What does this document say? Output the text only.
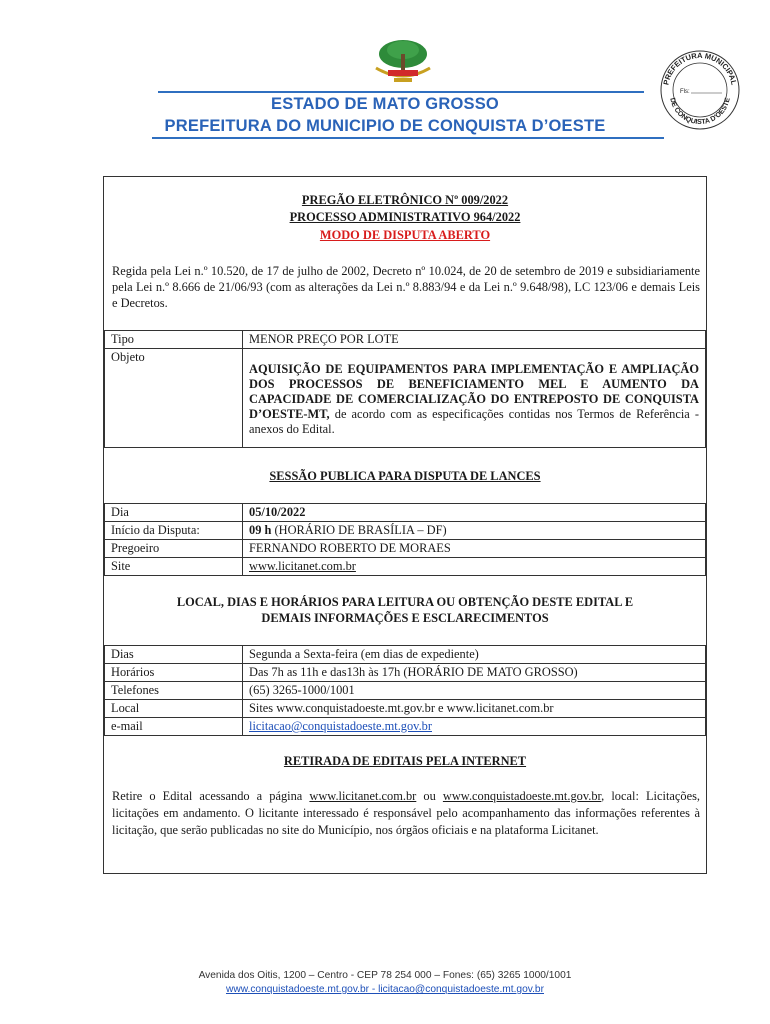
ESTADO DE MATO GROSSO
PREFEITURA DO MUNICIPIO DE CONQUISTA D’OESTE
PREFEITURA MUNICIPAL
DE CONQUISTA D'OESTE
Fls:
PREGÃO ELETRÔNICO Nº 009/2022
PROCESSO ADMINISTRATIVO 964/2022
MODO DE DISPUTA ABERTO
Regida pela Lei n.º 10.520, de 17 de julho de 2002, Decreto nº 10.024, de 20 de setembro de 2019 e subsidiariamente pela Lei n.º 8.666 de 21/06/93 (com as alterações da Lei n.º 8.883/94 e da Lei n.º 9.648/98), LC 123/06 e demais Leis e Decretos.
Tipo	MENOR PREÇO POR LOTE
Objeto	AQUISIÇÃO DE EQUIPAMENTOS PARA IMPLEMENTAÇÃO E AMPLIAÇÃO DOS PROCESSOS DE BENEFICIAMENTO MEL E AUMENTO DA CAPACIDADE DE COMERCIALIZAÇÃO DO ENTREPOSTO DE CONQUISTA D’OESTE-MT, de acordo com as especificações contidas nos Termos de Referência - anexos do Edital.
SESSÃO PUBLICA PARA DISPUTA DE LANCES
Dia	05/10/2022
Início da Disputa:	09 h (HORÁRIO DE BRASÍLIA – DF)
Pregoeiro	FERNANDO ROBERTO DE MORAES
Site	www.licitanet.com.br
LOCAL, DIAS E HORÁRIOS PARA LEITURA OU OBTENÇÃO DESTE EDITAL E
DEMAIS INFORMAÇÕES E ESCLARECIMENTOS
Dias	Segunda a Sexta-feira (em dias de expediente)
Horários	Das 7h as 11h e das13h às 17h (HORÁRIO DE MATO GROSSO)
Telefones	(65) 3265-1000/1001
Local	Sites www.conquistadoeste.mt.gov.br e www.licitanet.com.br
e-mail	licitacao@conquistadoeste.mt.gov.br
RETIRADA DE EDITAIS PELA INTERNET
Retire o Edital acessando a página www.licitanet.com.br ou www.conquistadoeste.mt.gov.br, local: Licitações, licitações em andamento. O licitante interessado é responsável pelo acompanhamento das informações referentes à licitação, que serão publicadas no site do Município, nos órgãos oficiais e na plataforma Licitanet.
Avenida dos Oitis, 1200 – Centro - CEP 78 254 000 – Fones: (65) 3265 1000/1001
www.conquistadoeste.mt.gov.br - licitacao@conquistadoeste.mt.gov.br
